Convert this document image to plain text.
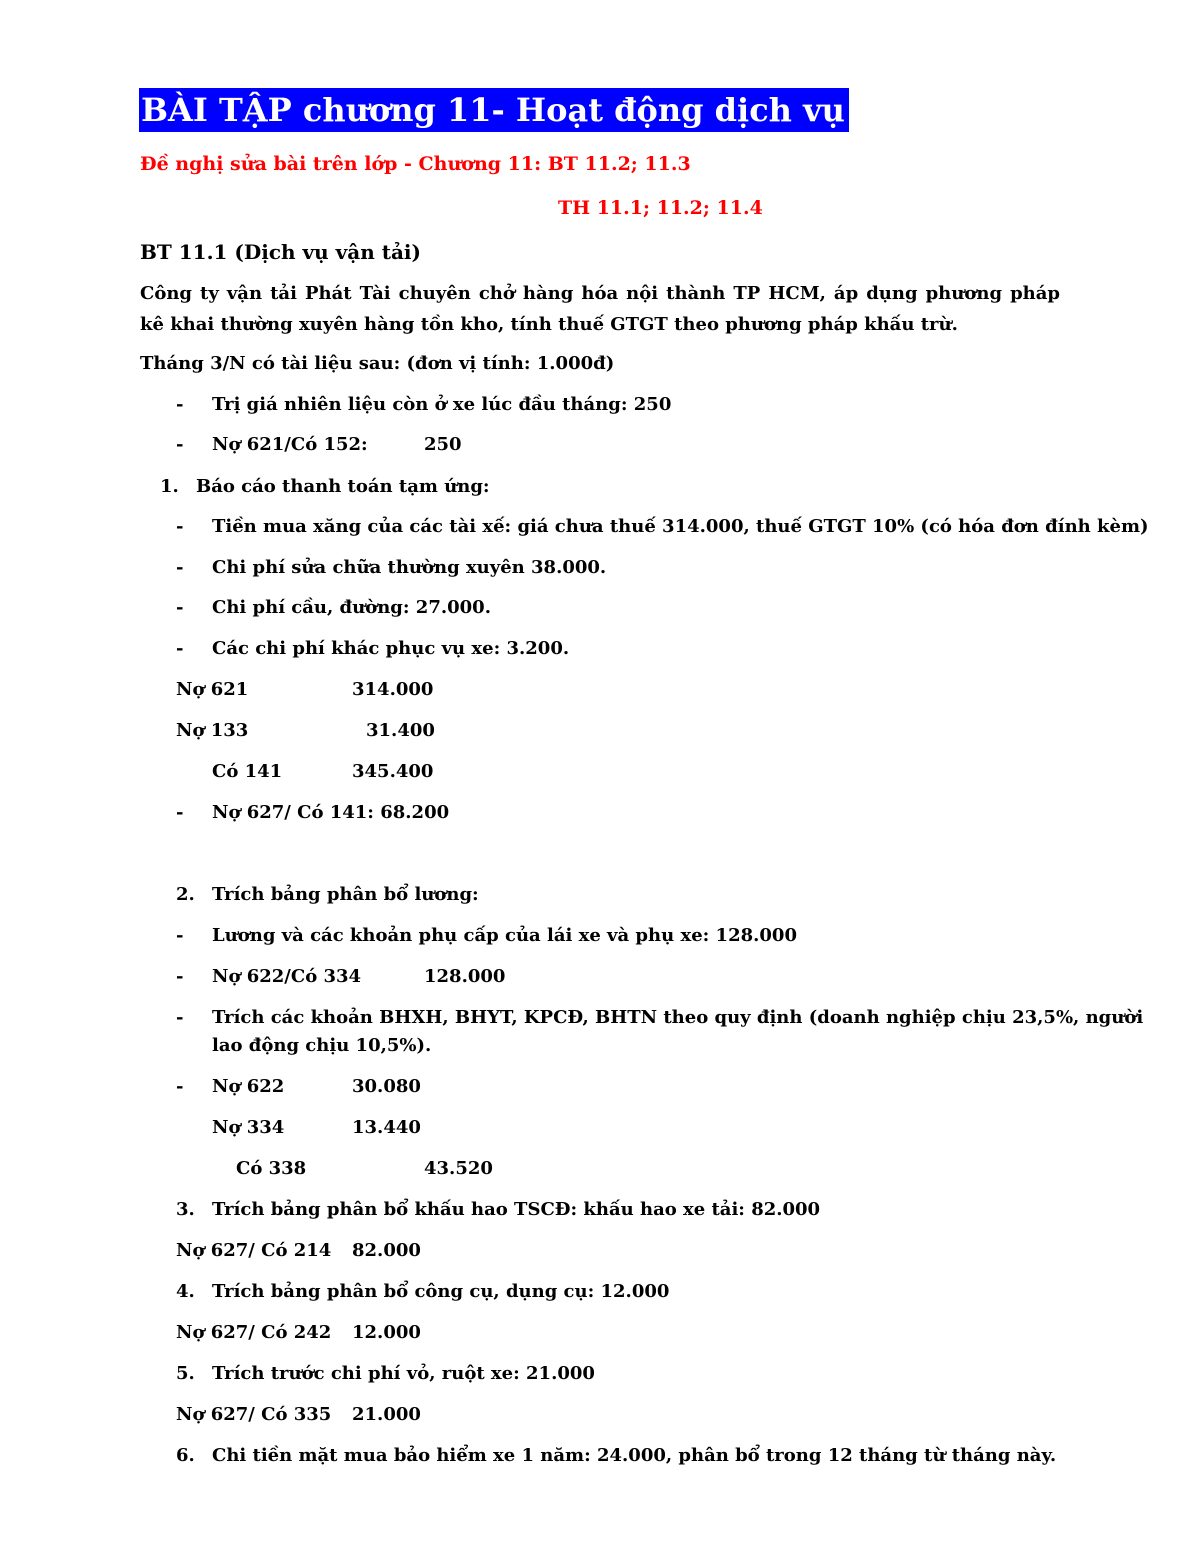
BÀI TẬP chương 11- Hoạt động dịch vụ
Đề nghị sửa bài trên lớp - Chương 11: BT 11.2; 11.3
TH 11.1; 11.2; 11.4
BT 11.1 (Dịch vụ vận tải)
Công ty vận tải Phát Tài chuyên chở hàng hóa nội thành TP HCM, áp dụng phương pháp kê khai thường xuyên hàng tồn kho, tính thuế GTGT theo phương pháp khấu trừ.
Tháng 3/N có tài liệu sau: (đơn vị tính: 1.000đ)
- Trị giá nhiên liệu còn ở xe lúc đầu tháng: 250
- Nợ 621/Có 152:	250
1. Báo cáo thanh toán tạm ứng:
- Tiền mua xăng của các tài xế: giá chưa thuế 314.000, thuế GTGT 10% (có hóa đơn đính kèm)
- Chi phí sửa chữa thường xuyên 38.000.
- Chi phí cầu, đường: 27.000.
- Các chi phí khác phục vụ xe: 3.200.
Nợ 621	314.000
Nợ 133	31.400
Có 141	345.400
- Nợ 627/ Có 141: 68.200
2. Trích bảng phân bổ lương:
- Lương và các khoản phụ cấp của lái xe và phụ xe: 128.000
- Nợ 622/Có 334	128.000
- Trích các khoản BHXH, BHYT, KPCĐ, BHTN theo quy định (doanh nghiệp chịu 23,5%, người
lao động chịu 10,5%).
- Nợ 622	30.080
Nợ 334	13.440
Có 338	43.520
3. Trích bảng phân bổ khấu hao TSCĐ: khấu hao xe tải: 82.000
Nợ 627/ Có 214 82.000
4. Trích bảng phân bổ công cụ, dụng cụ: 12.000
Nợ 627/ Có 242 12.000
5. Trích trước chi phí vỏ, ruột xe: 21.000
Nợ 627/ Có 335 21.000
6. Chi tiền mặt mua bảo hiểm xe 1 năm: 24.000, phân bổ trong 12 tháng từ tháng này.
